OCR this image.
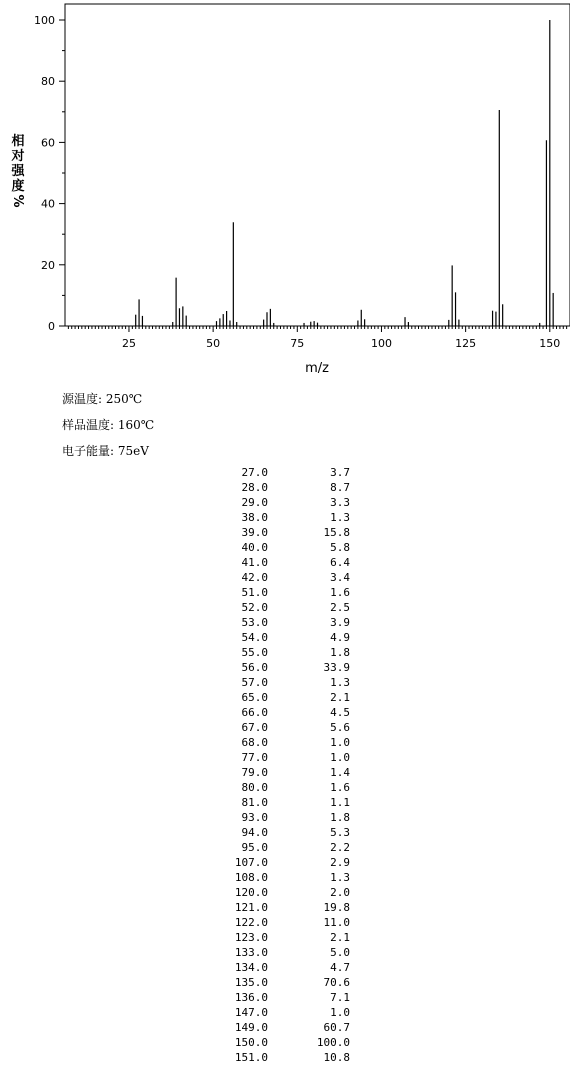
0
20
40
60
80
100
25	50	75	100	125	150
相
对
强
度
%
m/z
源温度: 250℃
样品温度: 160℃
电子能量: 75eV
27.0	3.7
28.0	8.7
29.0	3.3
38.0	1.3
39.0	15.8
40.0	5.8
41.0	6.4
42.0	3.4
51.0	1.6
52.0	2.5
53.0	3.9
54.0	4.9
55.0	1.8
56.0	33.9
57.0	1.3
65.0	2.1
66.0	4.5
67.0	5.6
68.0	1.0
77.0	1.0
79.0	1.4
80.0	1.6
81.0	1.1
93.0	1.8
94.0	5.3
95.0	2.2
107.0	2.9
108.0	1.3
120.0	2.0
121.0	19.8
122.0	11.0
123.0	2.1
133.0	5.0
134.0	4.7
135.0	70.6
136.0	7.1
147.0	1.0
149.0	60.7
150.0	100.0
151.0	10.8
